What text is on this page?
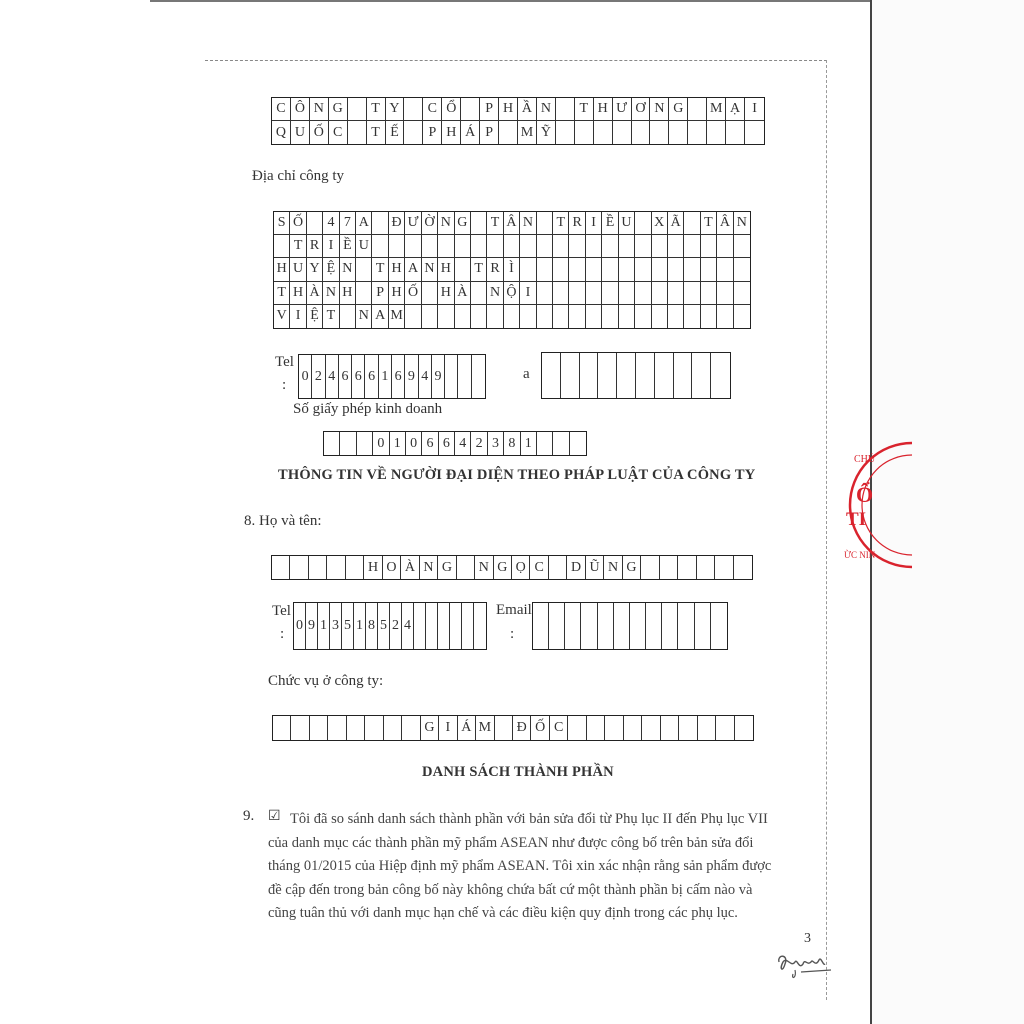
C Ô N G	T Y	C Ổ	P H Ầ N	T H Ư Ơ N G	M Ạ I
Q U Ố C	T Ế	P H Á P	M Ỹ
Địa chỉ công ty
S Ố	4 7 A Đ Ư Ờ N G T Â N T R I Ề U X Ã T Â N
T R I Ề U
H U Y Ệ N T H A N H T R Ì
T H À N H P H Ố H À N Ộ I
V I Ệ T	N A M
Tel
:
0 2 4 6 6 6 1 6 9 4 9	a
Số giấy phép kinh doanh
0 1 0 6 6 4 2 3 8 1
THÔNG TIN VỀ NGƯỜI ĐẠI DIỆN THEO PHÁP LUẬT CỦA CÔNG TY
8. Họ và tên:
H O À N G	N G Ọ C	D Ũ N G
Tel
:
0 9 1 3 5 1 8 5 2 4
Email
:
Chức vụ ở công ty:
G I Á M Đ Ố C
DANH SÁCH THÀNH PHẦN
9. ☑ Tôi đã so sánh danh sách thành phần với bản sửa đổi từ Phụ lục II đến Phụ lục VII
của danh mục các thành phần mỹ phẩm ASEAN như được công bố trên bản sửa đổi
tháng 01/2015 của Hiệp định mỹ phẩm ASEAN. Tôi xin xác nhận rằng sản phẩm được
đề cập đến trong bản công bố này không chứa bất cứ một thành phần bị cấm nào và
cũng tuân thủ với danh mục hạn chế và các điều kiện quy định trong các phụ lục.
3
CHỦ
Ổ
TI
ỪC NIN
